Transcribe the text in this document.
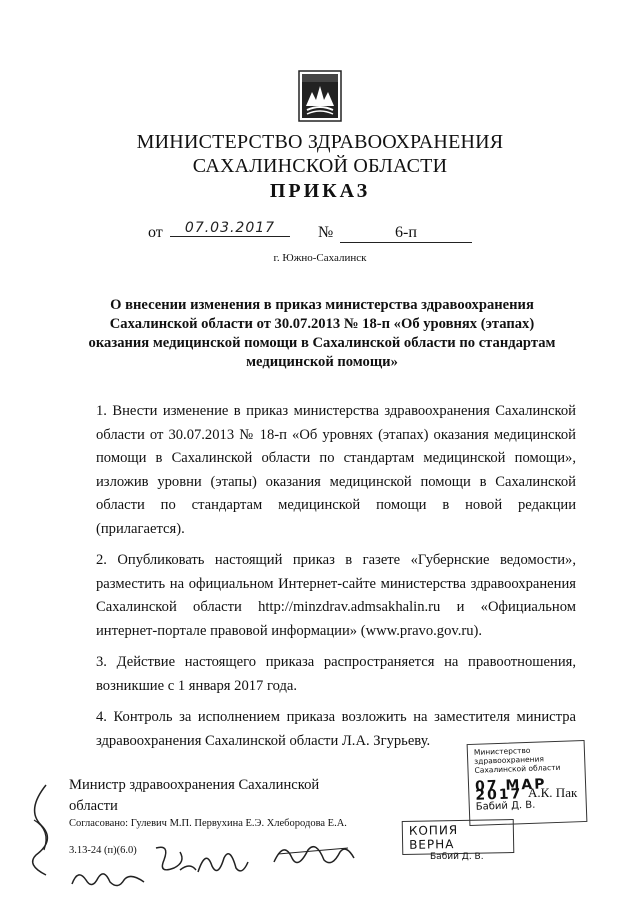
МИНИСТЕРСТВО ЗДРАВООХРАНЕНИЯ
САХАЛИНСКОЙ ОБЛАСТИ
ПРИКАЗ
от	07.03.2017	№	6-п
г. Южно-Сахалинск
О внесении изменения в приказ министерства здравоохранения Сахалинской области от 30.07.2013 № 18-п «Об уровнях (этапах) оказания медицинской помощи в Сахалинской области по стандартам медицинской помощи»

1. Внести изменение в приказ министерства здравоохранения Сахалинской области от 30.07.2013 № 18-п «Об уровнях (этапах) оказания медицинской помощи в Сахалинской области по стандартам медицинской помощи», изложив уровни (этапы) оказания медицинской помощи в Сахалинской области по стандартам медицинской помощи в новой редакции (прилагается).

2. Опубликовать настоящий приказ в газете «Губернские ведомости», разместить на официальном Интернет-сайте министерства здравоохранения Сахалинской области http://minzdrav.admsakhalin.ru и «Официальном интернет-портале правовой информации» (www.pravo.gov.ru).

3. Действие настоящего приказа распространяется на правоотношения, возникшие с 1 января 2017 года.

4. Контроль за исполнением приказа возложить на заместителя министра здравоохранения Сахалинской области Л.А. Згурьеву.

Министр здравоохранения Сахалинской
области
А.К. Пак
Согласовано: Гулевич М.П. Первухина Е.Э. Хлебородова Е.А.
3.13-24 (п)(6.0)
Министерство здравоохранения
Сахалинской области
07 МАР 2017
Бабий Д. В.
КОПИЯ ВЕРНА
Бабий Д. В.
